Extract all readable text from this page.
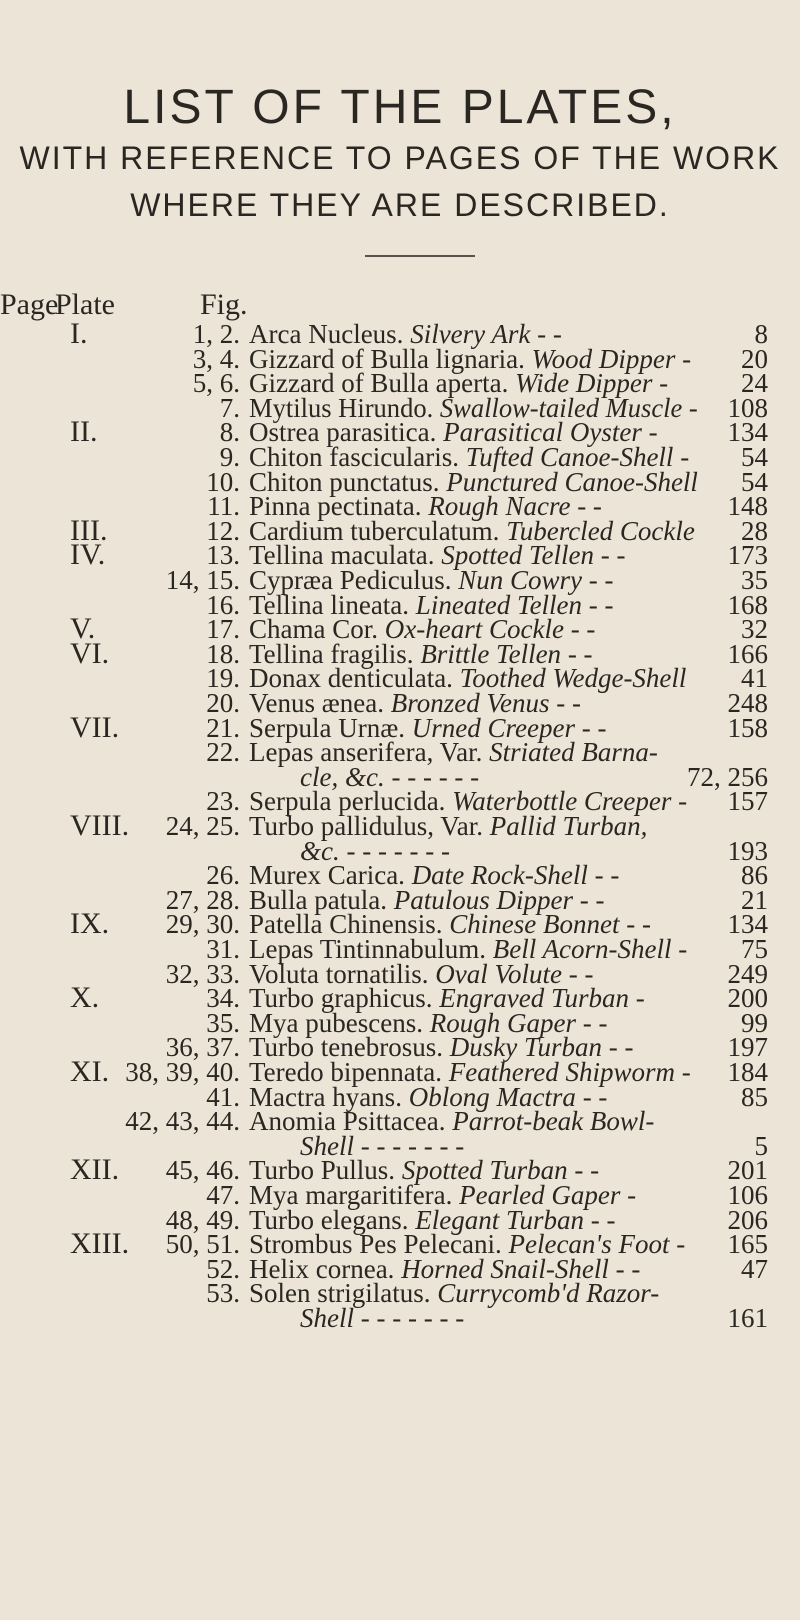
LIST OF THE PLATES,
WITH REFERENCE TO PAGES OF THE WORK
WHERE THEY ARE DESCRIBED.
Plate	Fig.
Page
I.	1, 2. Arca Nucleus. Silvery Ark - -	8
3, 4. Gizzard of Bulla lignaria. Wood Dipper - 20
5, 6. Gizzard of Bulla aperta. Wide Dipper -	24
7. Mytilus Hirundo. Swallow-tailed Muscle - 108
II.	8. Ostrea parasitica. Parasitical Oyster -	134
9. Chiton fascicularis. Tufted Canoe-Shell - 54
10. Chiton punctatus. Punctured Canoe-Shell 54
11. Pinna pectinata. Rough Nacre - -	148
III.	12. Cardium tuberculatum. Tubercled Cockle 28
IV.	13. Tellina maculata. Spotted Tellen - -	173
14, 15. Cypræa Pediculus. Nun Cowry - -	35
16. Tellina lineata. Lineated Tellen - -	168
V.	17. Chama Cor. Ox-heart Cockle - -	32
VI.	18. Tellina fragilis. Brittle Tellen - -	166
19. Donax denticulata. Toothed Wedge-Shell 41
20. Venus ænea. Bronzed Venus - -	248
VII.	21. Serpula Urnæ. Urned Creeper - -	158
22. Lepas anserifera, Var. Striated Barna-
cle, &c. - - - - - -	72, 256
23. Serpula perlucida. Waterbottle Creeper - 157
VIII. 24, 25. Turbo pallidulus, Var. Pallid Turban,
&c. - - - - - - -	193
26. Murex Carica. Date Rock-Shell - -	86
27, 28. Bulla patula. Patulous Dipper - -	21
IX. 29, 30. Patella Chinensis. Chinese Bonnet - -	134
31. Lepas Tintinnabulum. Bell Acorn-Shell - 75
32, 33. Voluta tornatilis. Oval Volute - -	249
X.	34. Turbo graphicus. Engraved Turban -	200
35. Mya pubescens. Rough Gaper - -	99
36, 37. Turbo tenebrosus. Dusky Turban - -	197
XI. 38, 39, 40. Teredo bipennata. Feathered Shipworm - 184
41. Mactra hyans. Oblong Mactra - -	85
42, 43, 44. Anomia Psittacea. Parrot-beak Bowl-
Shell - - - - - - -	5
XII. 45, 46. Turbo Pullus. Spotted Turban - -	201
47. Mya margaritifera. Pearled Gaper -	106
48, 49. Turbo elegans. Elegant Turban - -	206
XIII. 50, 51. Strombus Pes Pelecani. Pelecan's Foot - 165
52. Helix cornea. Horned Snail-Shell - -	47
53. Solen strigilatus. Currycomb'd Razor-
Shell - - - - - - -	161
